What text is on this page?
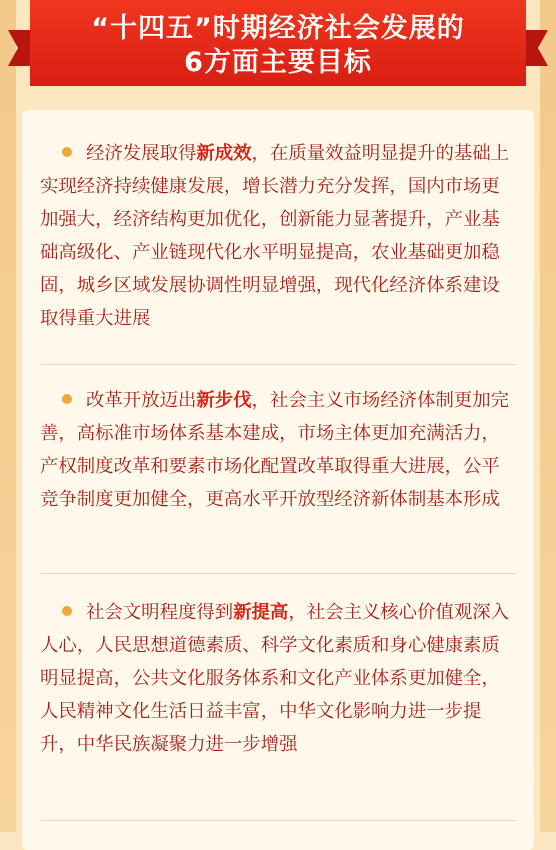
“十四五”时期经济社会发展的
6方面主要目标
经济发展取得新成效，在质量效益明显提升的基础上实现经济持续健康发展，增长潜力充分发挥，国内市场更加强大，经济结构更加优化，创新能力显著提升，产业基础高级化、产业链现代化水平明显提高，农业基础更加稳固，城乡区域发展协调性明显增强，现代化经济体系建设取得重大进展
改革开放迈出新步伐，社会主义市场经济体制更加完善，高标准市场体系基本建成，市场主体更加充满活力，产权制度改革和要素市场化配置改革取得重大进展，公平竞争制度更加健全，更高水平开放型经济新体制基本形成
社会文明程度得到新提高，社会主义核心价值观深入人心，人民思想道德素质、科学文化素质和身心健康素质明显提高，公共文化服务体系和文化产业体系更加健全，人民精神文化生活日益丰富，中华文化影响力进一步提升，中华民族凝聚力进一步增强
